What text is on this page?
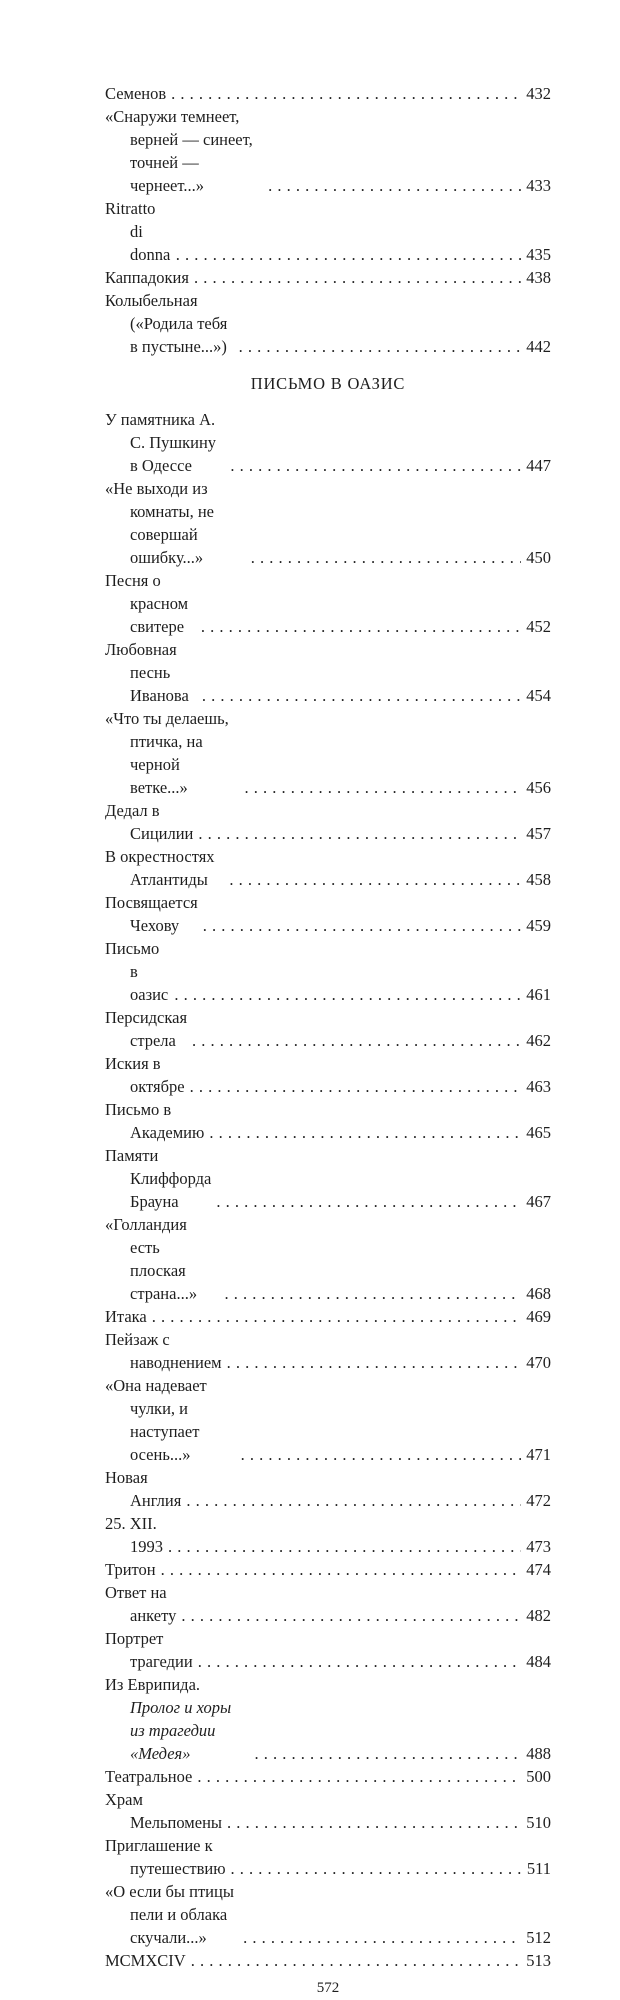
Семенов . . .	432
«Снаружи темнеет, верней — синеет, точней — чернеет...» . . .	433
Ritratto di donna . . .	435
Каппадокия . . .	438
Колыбельная («Родила тебя в пустыне...») . . .	442
ПИСЬМО В ОАЗИС
У памятника А. С. Пушкину в Одессе . . .	447
«Не выходи из комнаты, не совершай ошибку...» . . .	450
Песня о красном свитере . . .	452
Любовная песнь Иванова . . .	454
«Что ты делаешь, птичка, на черной ветке...» . . .	456
Дедал в Сицилии . . .	457
В окрестностях Атлантиды . . .	458
Посвящается Чехову . . .	459
Письмо в оазис . . .	461
Персидская стрела . . .	462
Иския в октябре . . .	463
Письмо в Академию . . .	465
Памяти Клиффорда Брауна . . .	467
«Голландия есть плоская страна...» . . .	468
Итака . . .	469
Пейзаж с наводнением . . .	470
«Она надевает чулки, и наступает осень...» . . .	471
Новая Англия . . .	472
25. XII. 1993 . . .	473
Тритон . . .	474
Ответ на анкету . . .	482
Портрет трагедии . . .	484
Из Еврипида. Пролог и хоры из трагедии «Медея» . . .	488
Театральное . . .	500
Храм Мельпомены . . .	510
Приглашение к путешествию . . .	511
«О если бы птицы пели и облака скучали...» . . .	512
MCMXCIV . . .	513
572
